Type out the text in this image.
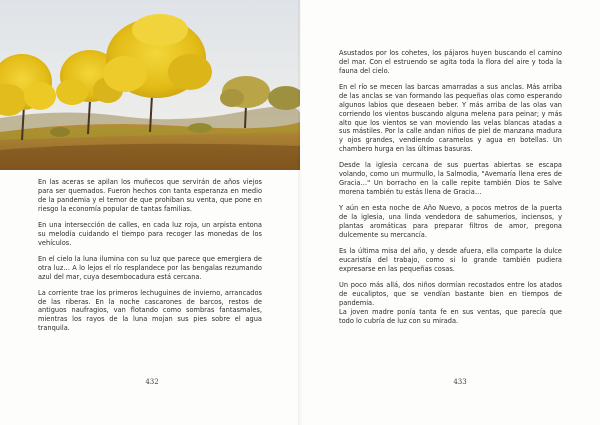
En las aceras se apilan los muñecos que servirán de años viejos para ser quemados. Fueron hechos con tanta esperanza en medio de la pandemia y el temor de que prohiban su venta, que pone en riesgo la economía popular de tantas familias.

En una intersección de calles, en cada luz roja, un arpista entona su melodía cuidando el tiempo para recoger las monedas de los vehículos.

En el cielo la luna ilumina con su luz que parece que emergiera de otra luz… A lo lejos el río resplandece por las bengalas rezumando azul del mar, cuya desembocadura está cercana.

La corriente trae los primeros lechuguines de invierno, arrancados de las riberas. En la noche cascarones de barcos, restos de antiguos naufragios, van flotando como sombras fantasmales, mientras los rayos de la luna mojan sus pies sobre el agua tranquila.

432

Asustados por los cohetes, los pájaros huyen buscando el camino del mar. Con el estruendo se agita toda la flora del aire y toda la fauna del cielo.

En el río se mecen las barcas amarradas a sus anclas. Más arriba de las anclas se van formando las pequeñas olas como esperando algunos labios que deseaen beber. Y más arriba de las olas van corriendo los vientos buscando alguna melena para peinar; y más alto que los vientos se van moviendo las velas blancas atadas a sus mástiles. Por la calle andan niños de piel de manzana madura y ojos grandes, vendiendo caramelos y agua en botellas. Un chambero hurga en las últimas basuras.

Desde la iglesia cercana de sus puertas abiertas se escapa volando, como un murmullo, la Salmodia, "Avemaría llena eres de Gracia…" Un borracho en la calle repite también Dios te Salve morena también tu estás llena de Gracia…

Y aún en esta noche de Año Nuevo, a pocos metros de la puerta de la iglesia, una linda vendedora de sahumerios, inciensos, y plantas aromáticas para preparar filtros de amor, pregona dulcemente su mercancía.

Es la última misa del año, y desde afuera, ella comparte la dulce eucaristía del trabajo, como si lo grande también pudiera expresarse en las pequeñas cosas.

Un poco más allá, dos niños dormían recostados entre los atados de eucaliptos, que se vendían bastante bien en tiempos de pandemia.

La joven madre ponía tanta fe en sus ventas, que parecía que todo lo cubría de luz con su mirada.

433
